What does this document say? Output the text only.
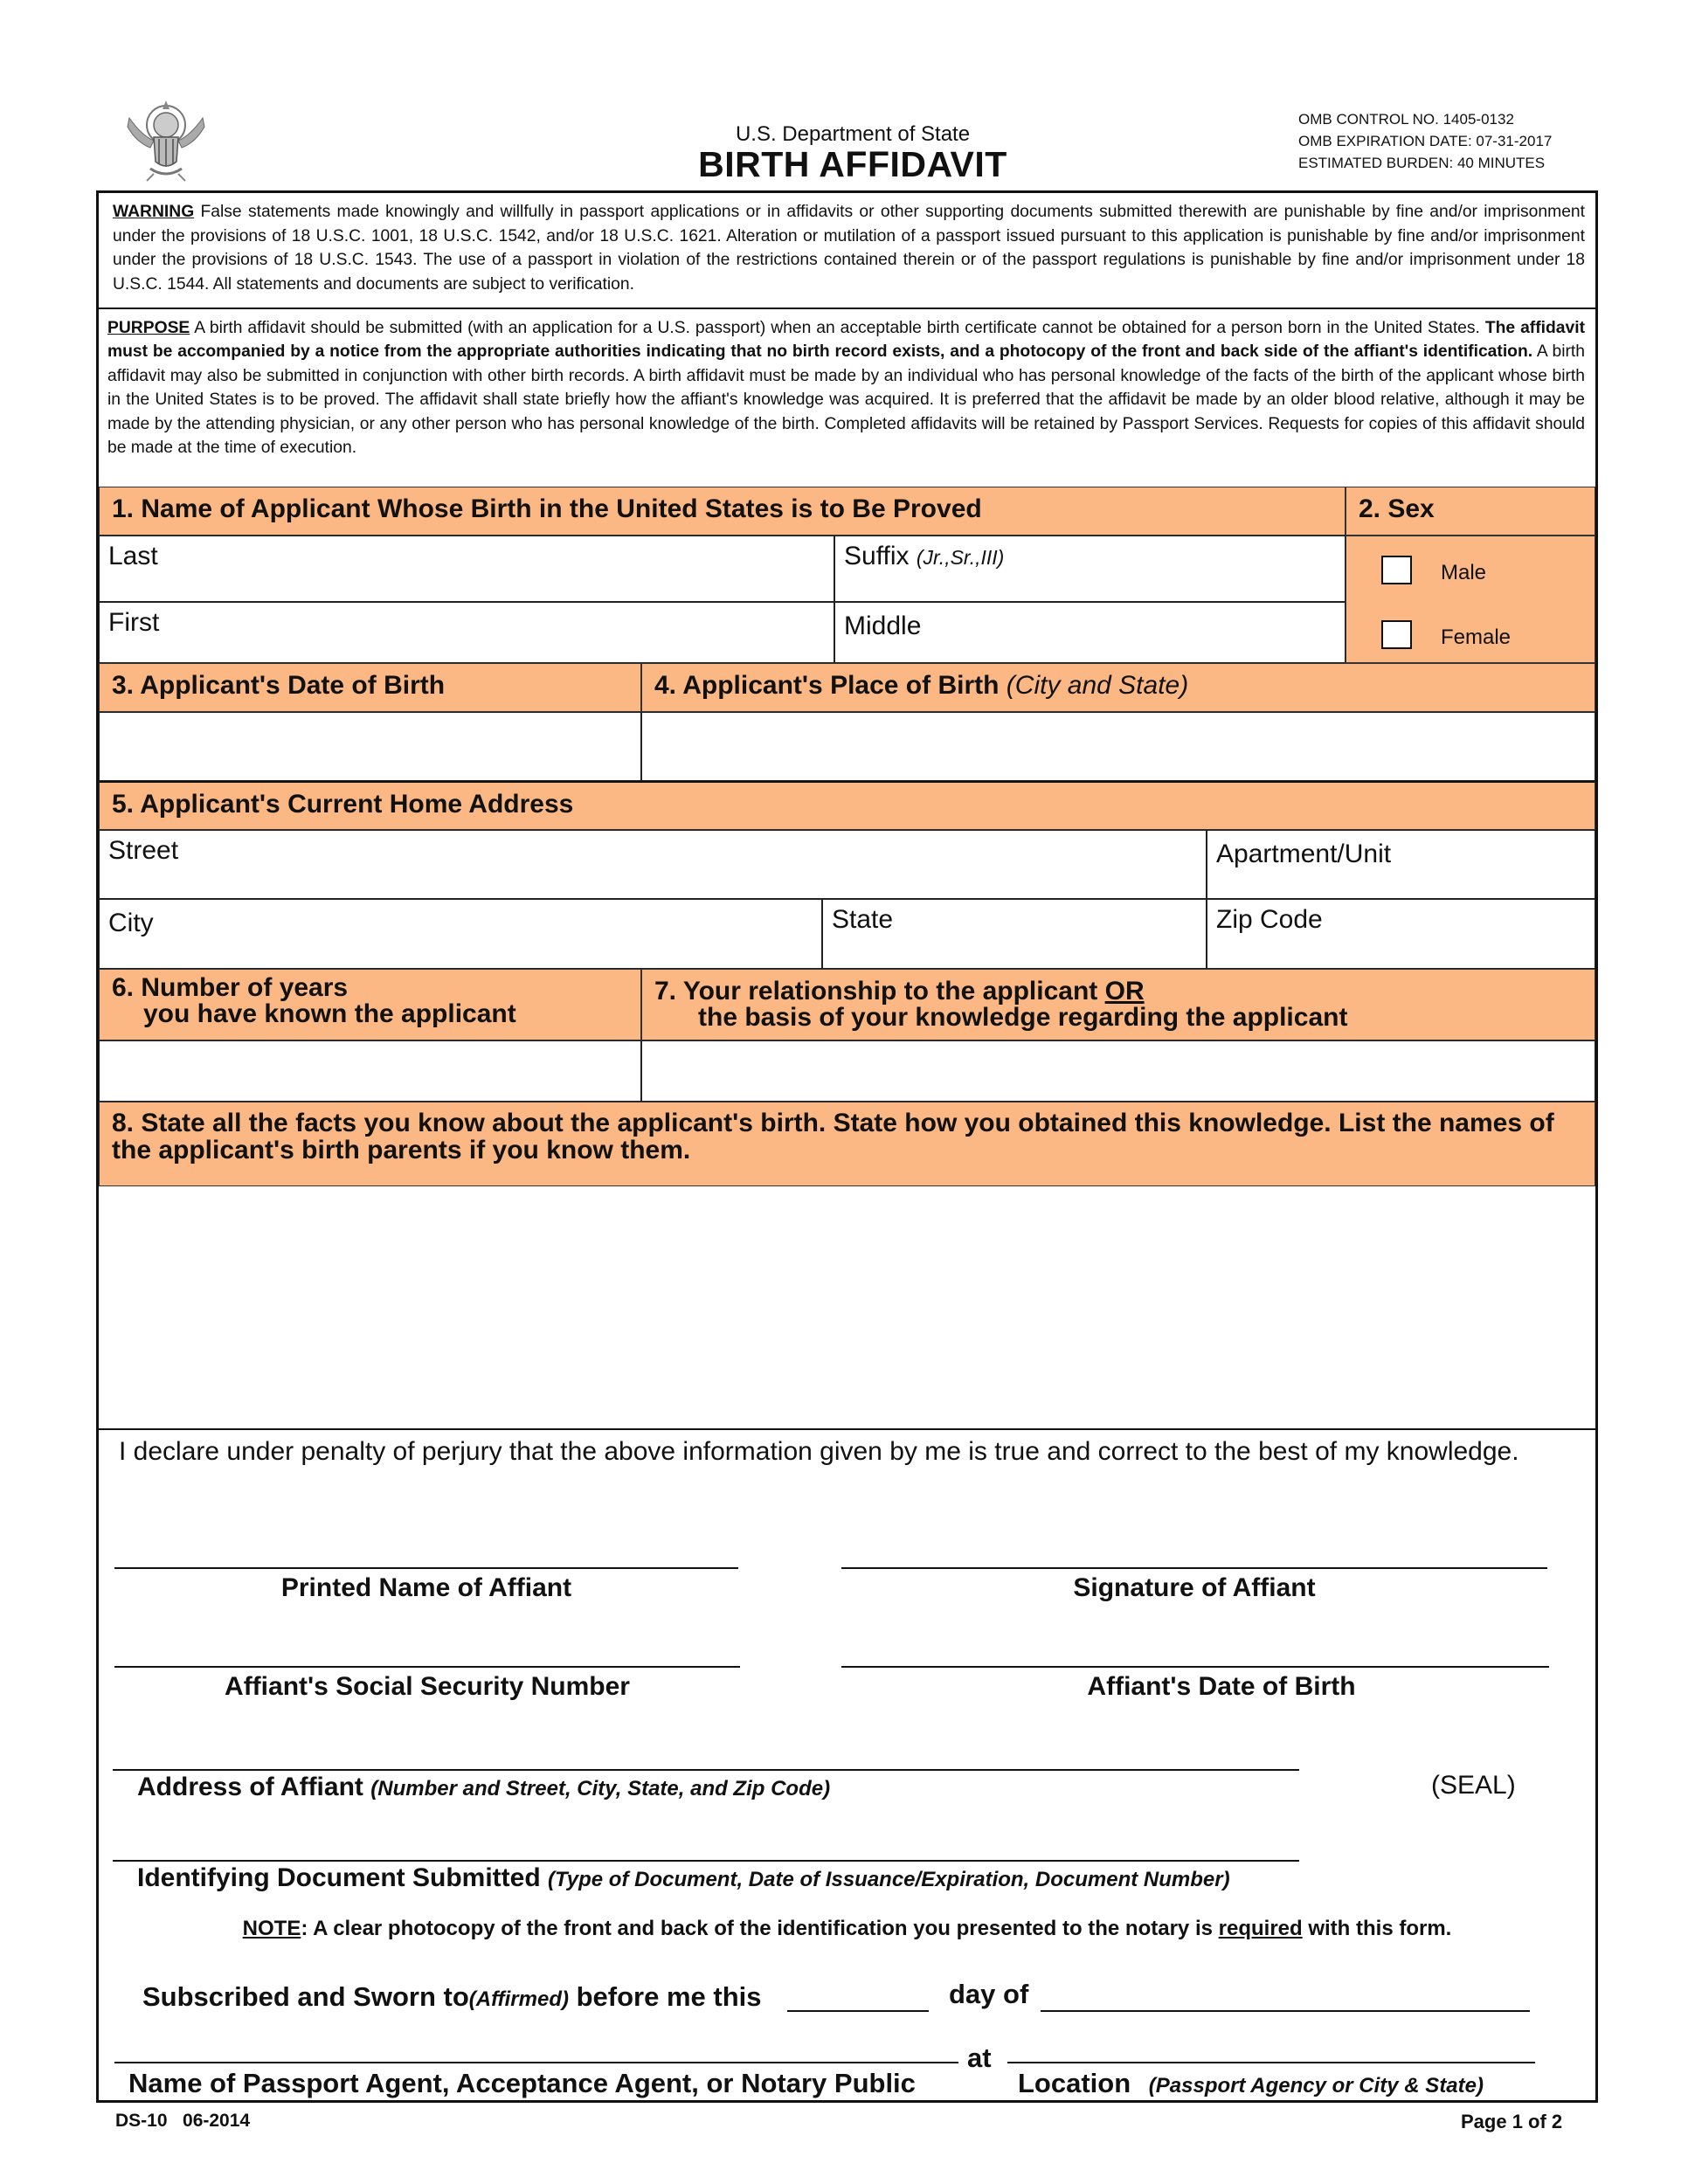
U.S. Department of State
BIRTH AFFIDAVIT
OMB CONTROL NO. 1405-0132
OMB EXPIRATION DATE: 07-31-2017
ESTIMATED BURDEN: 40 MINUTES
WARNING False statements made knowingly and willfully in passport applications or in affidavits or other supporting documents submitted therewith are punishable by fine and/or imprisonment under the provisions of 18 U.S.C. 1001, 18 U.S.C. 1542, and/or 18 U.S.C. 1621. Alteration or mutilation of a passport issued pursuant to this application is punishable by fine and/or imprisonment under the provisions of 18 U.S.C. 1543. The use of a passport in violation of the restrictions contained therein or of the passport regulations is punishable by fine and/or imprisonment under 18 U.S.C. 1544. All statements and documents are subject to verification.
PURPOSE A birth affidavit should be submitted (with an application for a U.S. passport) when an acceptable birth certificate cannot be obtained for a person born in the United States. The affidavit must be accompanied by a notice from the appropriate authorities indicating that no birth record exists, and a photocopy of the front and back side of the affiant's identification. A birth affidavit may also be submitted in conjunction with other birth records. A birth affidavit must be made by an individual who has personal knowledge of the facts of the birth of the applicant whose birth in the United States is to be proved. The affidavit shall state briefly how the affiant's knowledge was acquired. It is preferred that the affidavit be made by an older blood relative, although it may be made by the attending physician, or any other person who has personal knowledge of the birth. Completed affidavits will be retained by Passport Services. Requests for copies of this affidavit should be made at the time of execution.
1. Name of Applicant Whose Birth in the United States is to Be Proved	2. Sex
Last	Suffix (Jr.,Sr.,III)
First	Middle
Male
Female
3. Applicant's Date of Birth	4. Applicant's Place of Birth (City and State)
5. Applicant's Current Home Address
Street	Apartment/Unit
City	State	Zip Code
6. Number of years
you have known the applicant
7. Your relationship to the applicant OR
the basis of your knowledge regarding the applicant
8. State all the facts you know about the applicant's birth. State how you obtained this knowledge. List the names of the applicant's birth parents if you know them.
I declare under penalty of perjury that the above information given by me is true and correct to the best of my knowledge.
Printed Name of Affiant	Signature of Affiant
Affiant's Social Security Number	Affiant's Date of Birth
Address of Affiant (Number and Street, City, State, and Zip Code)	(SEAL)
Identifying Document Submitted (Type of Document, Date of Issuance/Expiration, Document Number)
NOTE: A clear photocopy of the front and back of the identification you presented to the notary is required with this form.
Subscribed and Sworn to(Affirmed) before me this	day of
at
Name of Passport Agent, Acceptance Agent, or Notary Public	Location (Passport Agency or City & State)
DS-10   06-2014	Page 1 of 2
